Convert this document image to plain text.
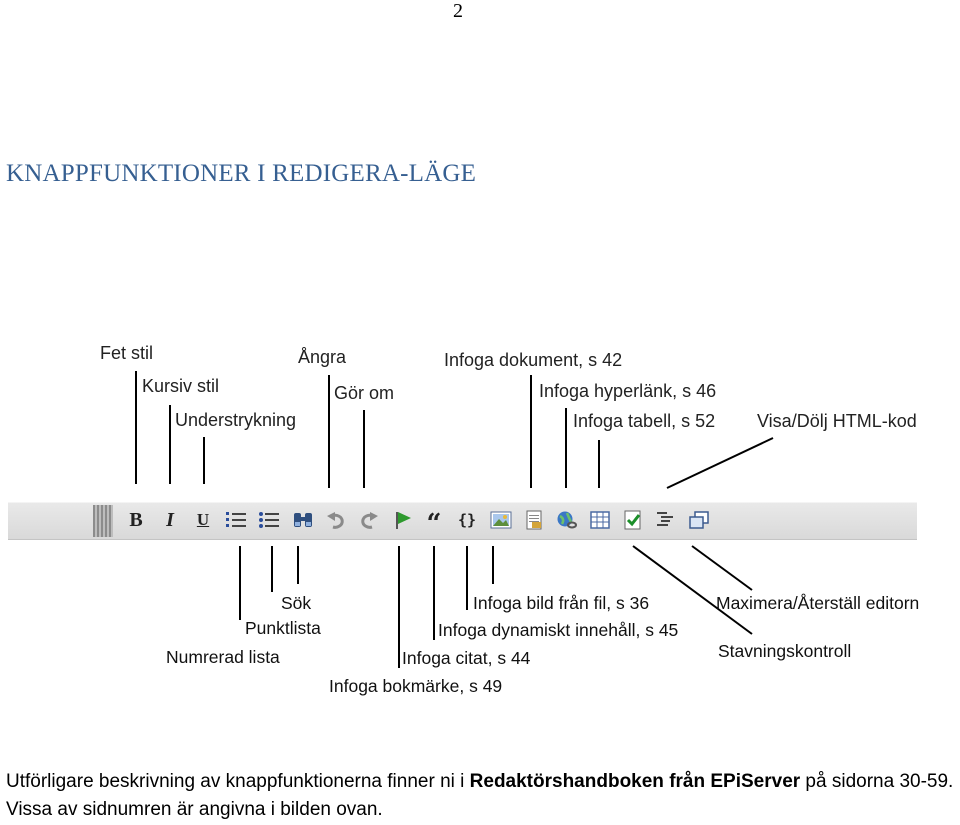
2
KNAPPFUNKTIONER I REDIGERA-LÄGE
Fet stil
Kursiv stil
Understrykning
Ångra
Gör om
Infoga dokument, s 42
Infoga hyperlänk, s 46
Infoga tabell, s 52 Visa/Dölj HTML-kod
B I U	“ {}
Sök
Punktlista
Numrerad lista
Infoga bild från fil, s 36
Infoga dynamiskt innehåll, s 45
Infoga citat, s 44
Infoga bokmärke, s 49
Maximera/Återställ editorn
Stavningskontroll
Utförligare beskrivning av knappfunktionerna finner ni i Redaktörshandboken från EPiServer på sidorna 30-59. Vissa av sidnumren är angivna i bilden ovan.
